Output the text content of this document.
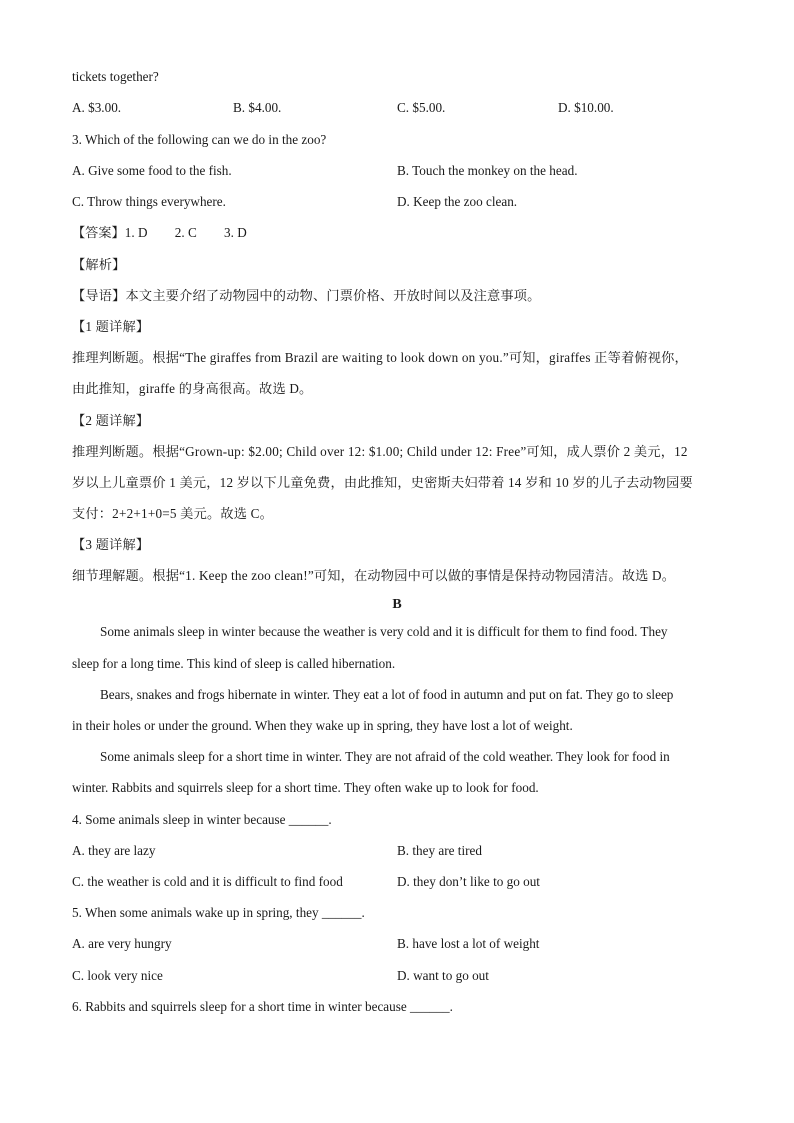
tickets together?
A. $3.00.	B. $4.00.	C. $5.00.	D. $10.00.
3. Which of the following can we do in the zoo?
A. Give some food to the fish.	B. Touch the monkey on the head.
C. Throw things everywhere.	D. Keep the zoo clean.
【答案】1. D 2. C 3. D
【解析】
【导语】本文主要介绍了动物园中的动物、门票价格、开放时间以及注意事项。
【1 题详解】
推理判断题。根据“The giraffes from Brazil are waiting to look down on you.”可知，giraffes 正等着俯视你，
由此推知，giraffe 的身高很高。故选 D。
【2 题详解】
推理判断题。根据“Grown-up: $2.00; Child over 12: $1.00; Child under 12: Free”可知，成人票价 2 美元，12
岁以上儿童票价 1 美元，12 岁以下儿童免费，由此推知，史密斯夫妇带着 14 岁和 10 岁的儿子去动物园要
支付：2+2+1+0=5 美元。故选 C。
【3 题详解】
细节理解题。根据“1. Keep the zoo clean!”可知，在动物园中可以做的事情是保持动物园清洁。故选 D。
B
Some animals sleep in winter because the weather is very cold and it is difficult for them to find food. They
sleep for a long time. This kind of sleep is called hibernation.
Bears, snakes and frogs hibernate in winter. They eat a lot of food in autumn and put on fat. They go to sleep
in their holes or under the ground. When they wake up in spring, they have lost a lot of weight.
Some animals sleep for a short time in winter. They are not afraid of the cold weather. They look for food in
winter. Rabbits and squirrels sleep for a short time. They often wake up to look for food.
4. Some animals sleep in winter because ______.
A. they are lazy	B. they are tired
C. the weather is cold and it is difficult to find food	D. they don’t like to go out
5. When some animals wake up in spring, they ______.
A. are very hungry	B. have lost a lot of weight
C. look very nice	D. want to go out
6. Rabbits and squirrels sleep for a short time in winter because ______.
